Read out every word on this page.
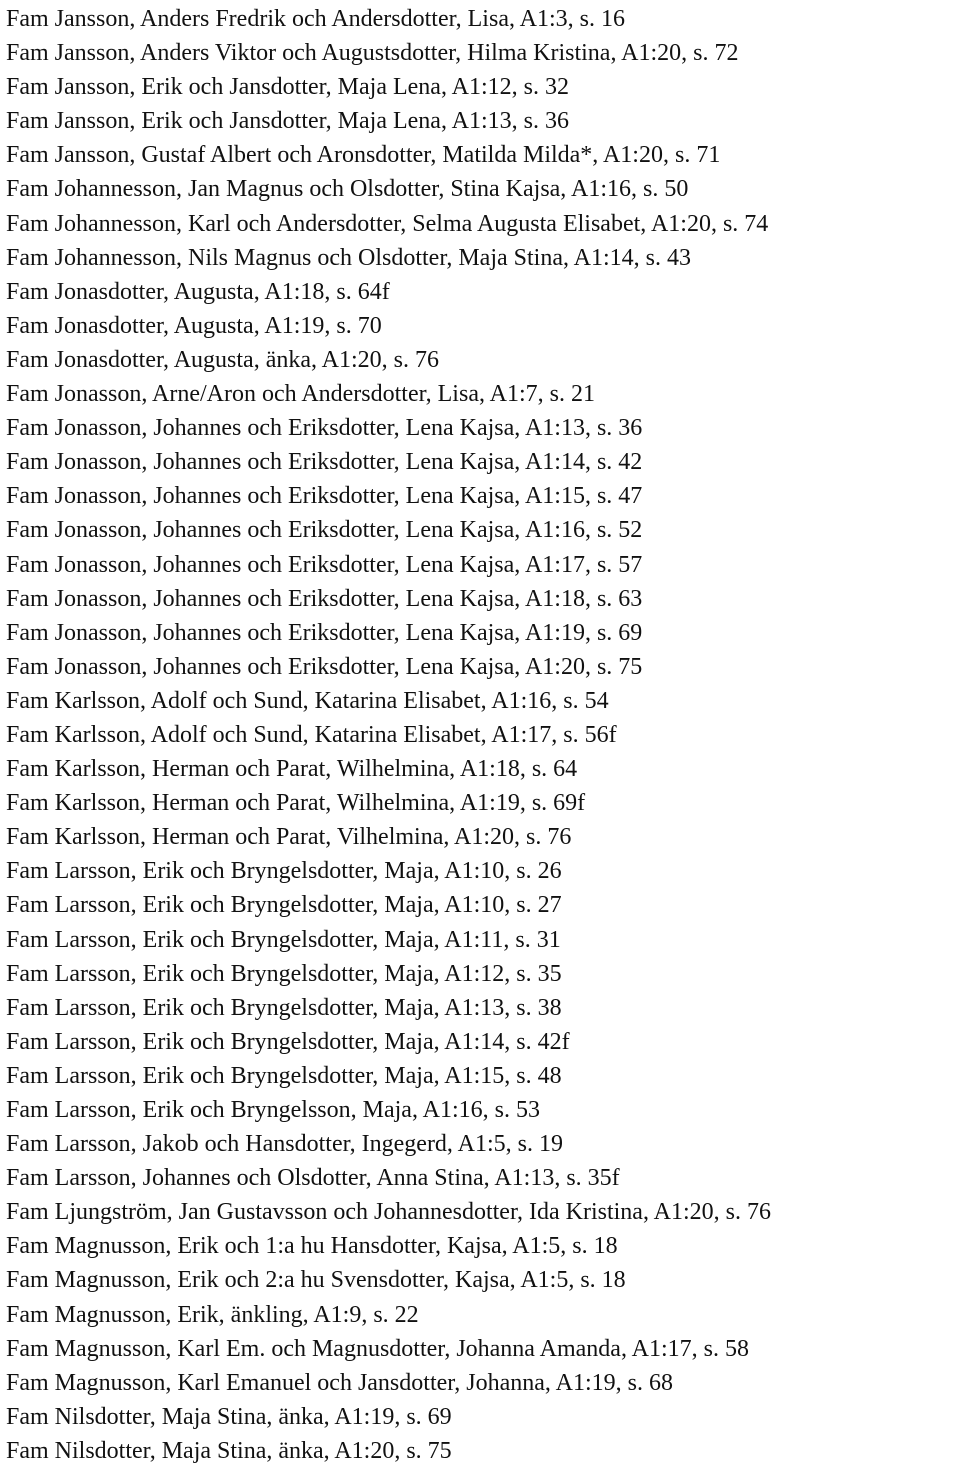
Fam Jansson, Anders Fredrik och Andersdotter, Lisa, A1:3, s. 16
Fam Jansson, Anders Viktor och Augustsdotter, Hilma Kristina, A1:20, s. 72
Fam Jansson, Erik och Jansdotter, Maja Lena, A1:12, s. 32
Fam Jansson, Erik och Jansdotter, Maja Lena, A1:13, s. 36
Fam Jansson, Gustaf Albert och Aronsdotter, Matilda Milda*, A1:20, s. 71
Fam Johannesson, Jan Magnus och Olsdotter, Stina Kajsa, A1:16, s. 50
Fam Johannesson, Karl och Andersdotter, Selma Augusta Elisabet, A1:20, s. 74
Fam Johannesson, Nils Magnus och Olsdotter, Maja Stina, A1:14, s. 43
Fam Jonasdotter, Augusta, A1:18, s. 64f
Fam Jonasdotter, Augusta, A1:19, s. 70
Fam Jonasdotter, Augusta, änka, A1:20, s. 76
Fam Jonasson, Arne/Aron och Andersdotter, Lisa, A1:7, s. 21
Fam Jonasson, Johannes och Eriksdotter, Lena Kajsa, A1:13, s. 36
Fam Jonasson, Johannes och Eriksdotter, Lena Kajsa, A1:14, s. 42
Fam Jonasson, Johannes och Eriksdotter, Lena Kajsa, A1:15, s. 47
Fam Jonasson, Johannes och Eriksdotter, Lena Kajsa, A1:16, s. 52
Fam Jonasson, Johannes och Eriksdotter, Lena Kajsa, A1:17, s. 57
Fam Jonasson, Johannes och Eriksdotter, Lena Kajsa, A1:18, s. 63
Fam Jonasson, Johannes och Eriksdotter, Lena Kajsa, A1:19, s. 69
Fam Jonasson, Johannes och Eriksdotter, Lena Kajsa, A1:20, s. 75
Fam Karlsson, Adolf och Sund, Katarina Elisabet, A1:16, s. 54
Fam Karlsson, Adolf och Sund, Katarina Elisabet, A1:17, s. 56f
Fam Karlsson, Herman och Parat, Wilhelmina, A1:18, s. 64
Fam Karlsson, Herman och Parat, Wilhelmina, A1:19, s. 69f
Fam Karlsson, Herman och Parat, Vilhelmina, A1:20, s. 76
Fam Larsson, Erik och Bryngelsdotter, Maja, A1:10, s. 26
Fam Larsson, Erik och Bryngelsdotter, Maja, A1:10, s. 27
Fam Larsson, Erik och Bryngelsdotter, Maja, A1:11, s. 31
Fam Larsson, Erik och Bryngelsdotter, Maja, A1:12, s. 35
Fam Larsson, Erik och Bryngelsdotter, Maja, A1:13, s. 38
Fam Larsson, Erik och Bryngelsdotter, Maja, A1:14, s. 42f
Fam Larsson, Erik och Bryngelsdotter, Maja, A1:15, s. 48
Fam Larsson, Erik och Bryngelsson, Maja, A1:16, s. 53
Fam Larsson, Jakob och Hansdotter, Ingegerd, A1:5, s. 19
Fam Larsson, Johannes och Olsdotter, Anna Stina, A1:13, s. 35f
Fam Ljungström, Jan Gustavsson och Johannesdotter, Ida Kristina, A1:20, s. 76
Fam Magnusson, Erik och 1:a hu Hansdotter, Kajsa, A1:5, s. 18
Fam Magnusson, Erik och 2:a hu Svensdotter, Kajsa, A1:5, s. 18
Fam Magnusson, Erik, änkling, A1:9, s. 22
Fam Magnusson, Karl Em. och Magnusdotter, Johanna Amanda, A1:17, s. 58
Fam Magnusson, Karl Emanuel och Jansdotter, Johanna, A1:19, s. 68
Fam Nilsdotter, Maja Stina, änka, A1:19, s. 69
Fam Nilsdotter, Maja Stina, änka, A1:20, s. 75
